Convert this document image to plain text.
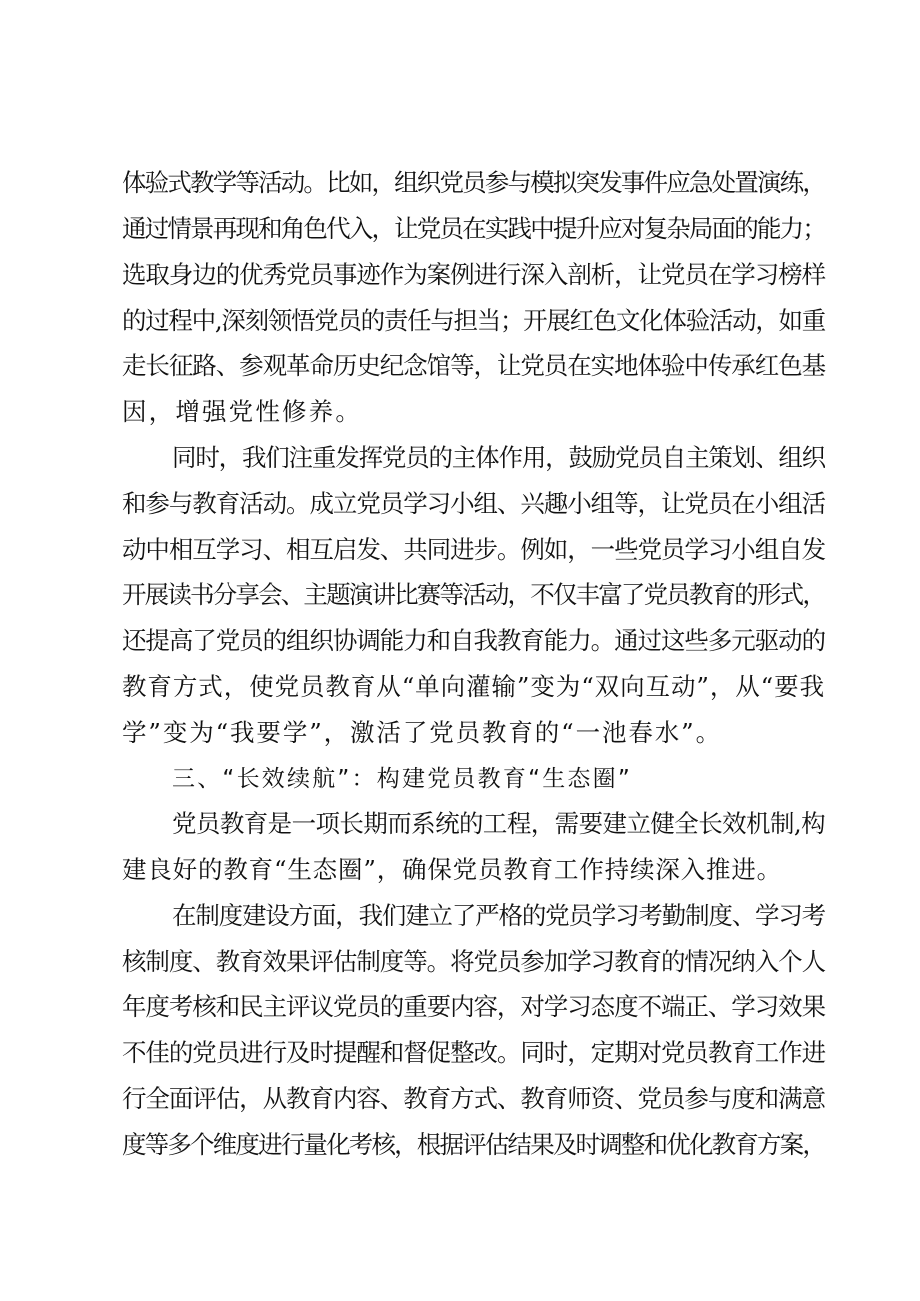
体验式教学等活动。比如，组织党员参与模拟突发事件应急处置演练，
通过情景再现和角色代入，让党员在实践中提升应对复杂局面的能力；
选取身边的优秀党员事迹作为案例进行深入剖析，让党员在学习榜样
的过程中,深刻领悟党员的责任与担当；开展红色文化体验活动，如重
走长征路、参观革命历史纪念馆等，让党员在实地体验中传承红色基
因，增强党性修养。
同时，我们注重发挥党员的主体作用，鼓励党员自主策划、组织
和参与教育活动。成立党员学习小组、兴趣小组等，让党员在小组活
动中相互学习、相互启发、共同进步。例如，一些党员学习小组自发
开展读书分享会、主题演讲比赛等活动，不仅丰富了党员教育的形式，
还提高了党员的组织协调能力和自我教育能力。通过这些多元驱动的
教育方式，使党员教育从“单向灌输”变为“双向互动”，从“要我
学”变为“我要学”，激活了党员教育的“一池春水”。
三、“长效续航”：构建党员教育“生态圈”
党员教育是一项长期而系统的工程，需要建立健全长效机制,构
建良好的教育“生态圈”，确保党员教育工作持续深入推进。
在制度建设方面，我们建立了严格的党员学习考勤制度、学习考
核制度、教育效果评估制度等。将党员参加学习教育的情况纳入个人
年度考核和民主评议党员的重要内容，对学习态度不端正、学习效果
不佳的党员进行及时提醒和督促整改。同时，定期对党员教育工作进
行全面评估，从教育内容、教育方式、教育师资、党员参与度和满意
度等多个维度进行量化考核，根据评估结果及时调整和优化教育方案，
